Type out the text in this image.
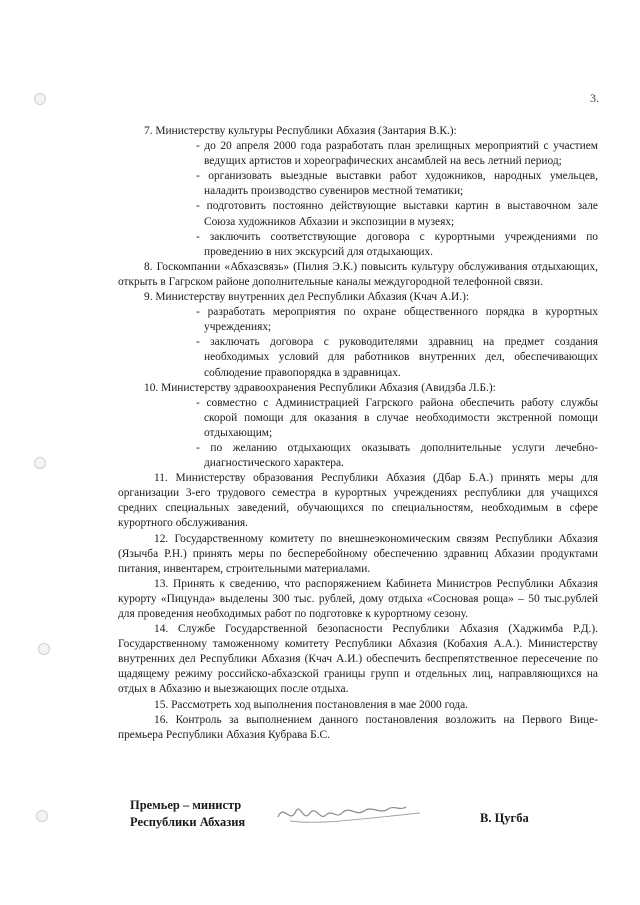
3.

7. Министерству культуры Республики Абхазия (Зантария В.К.):

- до 20 апреля 2000 года разработать план зрелищных мероприятий с участием ведущих артистов и хореографических ансамблей на весь летний период;
- организовать выездные выставки работ художников, народных умельцев, наладить производство сувениров местной тематики;
- подготовить постоянно действующие выставки картин в выставочном зале Союза художников Абхазии и экспозиции в музеях;
- заключить соответствующие договора с курортными учреждениями по проведению в них экскурсий для отдыхающих.

8. Госкомпании «Абхазсвязь» (Пилия Э.К.) повысить культуру обслуживания отдыхающих, открыть в Гагрском районе дополнительные каналы междугородной телефонной связи.

9. Министерству внутренних дел Республики Абхазия (Кчач А.И.):

- разработать мероприятия по охране общественного порядка в курортных учреждениях;
- заключать договора с руководителями здравниц на предмет создания необходимых условий для работников внутренних дел, обеспечивающих соблюдение правопорядка в здравницах.

10. Министерству здравоохранения Республики Абхазия (Авидзба Л.Б.):

- совместно с Администрацией Гагрского района обеспечить работу службы скорой помощи для оказания в случае необходимости экстренной помощи отдыхающим;
- по желанию отдыхающих оказывать дополнительные услуги лечебно-диагностического характера.

11. Министерству образования Республики Абхазия (Дбар Б.А.) принять меры для организации 3-его трудового семестра в курортных учреждениях республики для учащихся средних специальных заведений, обучающихся по специальностям, необходимым в сфере курортного обслуживания.

12. Государственному комитету по внешнеэкономическим связям Республики Абхазия (Язычба Р.Н.) принять меры по бесперебойному обеспечению здравниц Абхазии продуктами питания, инвентарем, строительными материалами.

13. Принять к сведению, что распоряжением Кабинета Министров Республики Абхазия курорту «Пицунда» выделены 300 тыс. рублей, дому отдыха «Сосновая роща» – 50 тыс.рублей для проведения необходимых работ по подготовке к курортному сезону.

14. Службе Государственной безопасности Республики Абхазия (Хаджимба Р.Д.). Государственному таможенному комитету Республики Абхазия (Кобахия А.А.). Министерству внутренних дел Республики Абхазия (Кчач А.И.) обеспечить беспрепятственное пересечение по щадящему режиму российско-абхазской границы групп и отдельных лиц, направляющихся на отдых в Абхазию и выезжающих после отдыха.

15. Рассмотреть ход выполнения постановления в мае 2000 года.

16. Контроль за выполнением данного постановления возложить на Первого Вице-премьера Республики Абхазия Кубрава Б.С.

Премьер – министр
Республики Абхазия	В. Цугба
